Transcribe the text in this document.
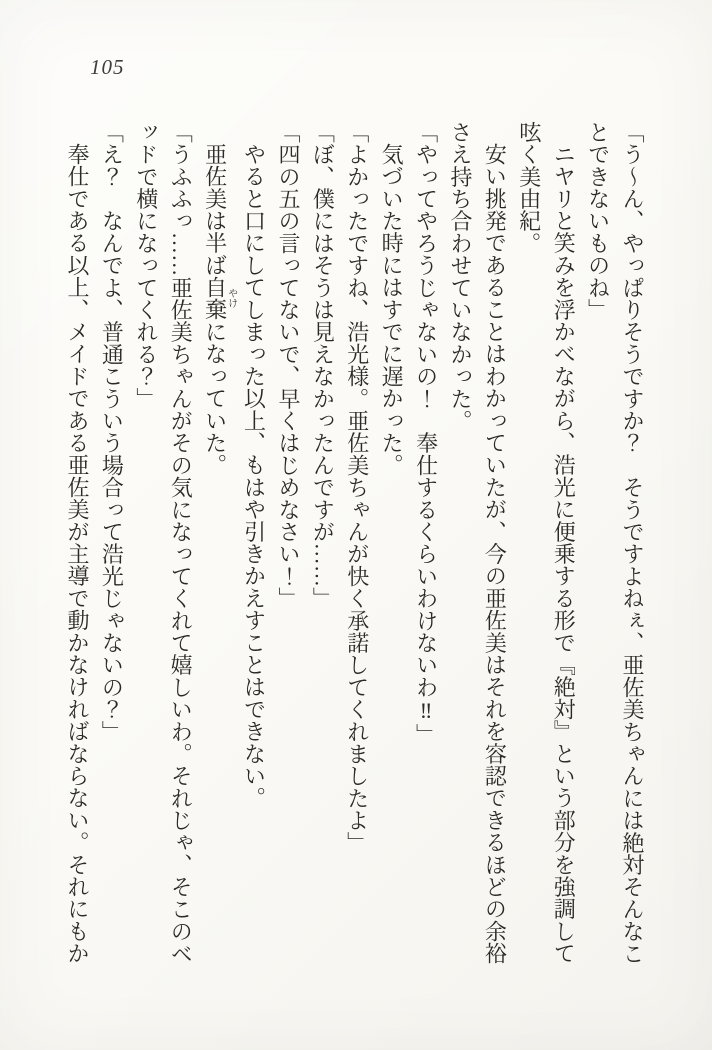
105

「う〜ん、やっぱりそうですか？　そうですよねぇ、亜佐美ちゃんには絶対そんなこ

とできないものね」

ニヤリと笑みを浮かべながら、浩光に便乗する形で『絶対』という部分を強調して

呟く美由紀。

安い挑発であることはわかっていたが、今の亜佐美はそれを容認できるほどの余裕

さえ持ち合わせていなかった。

「やってやろうじゃないの！　奉仕するくらいわけないわ‼」

気づいた時にはすでに遅かった。

「よかったですね、浩光様。亜佐美ちゃんが快く承諾してくれましたよ」

「ぼ、僕にはそうは見えなかったんですが……」

「四の五の言ってないで、早くはじめなさい！」

やると口にしてしまった以上、もはや引きかえすことはできない。

亜佐美は半ば自棄やけになっていた。

「うふふっ……亜佐美ちゃんがその気になってくれて嬉しいわ。それじゃ、そこのベ

ッドで横になってくれる？」

「え？　なんでよ、普通こういう場合って浩光じゃないの？」

奉仕である以上、メイドである亜佐美が主導で動かなければならない。それにもか
